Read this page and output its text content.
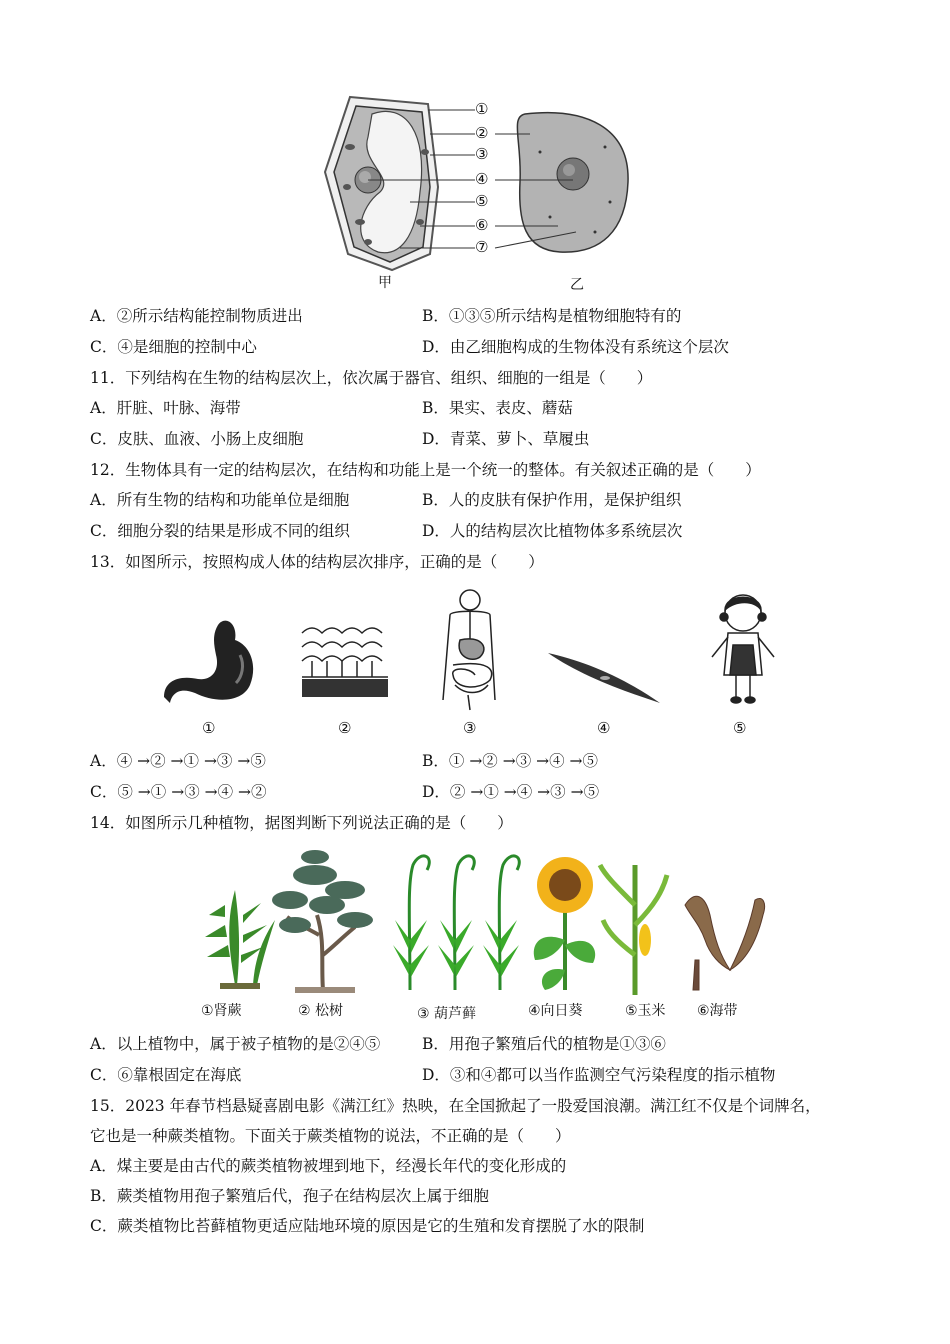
①
②
③
④
⑤
⑥
⑦
甲	乙
A．②所示结构能控制物质进出	B．①③⑤所示结构是植物细胞特有的
C．④是细胞的控制中心	D．由乙细胞构成的生物体没有系统这个层次
11．下列结构在生物的结构层次上，依次属于器官、组织、细胞的一组是（　　）
A．肝脏、叶脉、海带	B．果实、表皮、蘑菇
C．皮肤、血液、小肠上皮细胞	D．青菜、萝卜、草履虫
12．生物体具有一定的结构层次，在结构和功能上是一个统一的整体。有关叙述正确的是（　　）
A．所有生物的结构和功能单位是细胞	B．人的皮肤有保护作用，是保护组织
C．细胞分裂的结果是形成不同的组织	D．人的结构层次比植物体多系统层次
13．如图所示，按照构成人体的结构层次排序，正确的是（　　）
①	②	③	④	⑤
A．④ →② →① →③ →⑤	B．① →② →③ →④ →⑤
C．⑤ →① →③ →④ →②	D．② →① →④ →③ →⑤
14．如图所示几种植物，据图判断下列说法正确的是（　　）
①肾蕨	② 松树	③ 葫芦藓	④向日葵	⑤玉米 ⑥海带
A．以上植物中，属于被子植物的是②④⑤	B．用孢子繁殖后代的植物是①③⑥
C．⑥靠根固定在海底	D．③和④都可以当作监测空气污染程度的指示植物
15．2023 年春节档悬疑喜剧电影《满江红》热映，在全国掀起了一股爱国浪潮。满江红不仅是个词牌名，
它也是一种蕨类植物。下面关于蕨类植物的说法，不正确的是（　　）
A．煤主要是由古代的蕨类植物被埋到地下，经漫长年代的变化形成的
B．蕨类植物用孢子繁殖后代，孢子在结构层次上属于细胞
C．蕨类植物比苔藓植物更适应陆地环境的原因是它的生殖和发育摆脱了水的限制
